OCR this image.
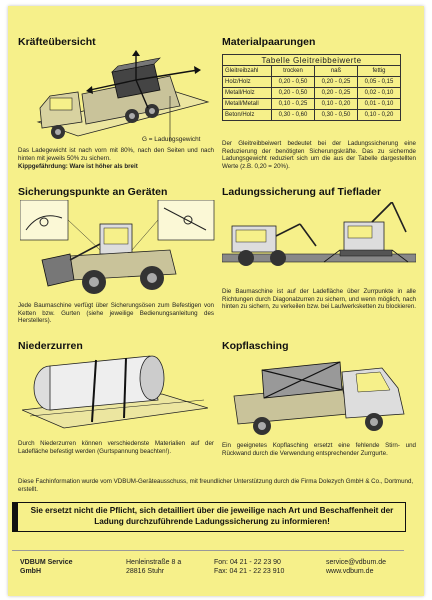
Kräfteübersicht
G = Ladungsgewicht
Das Ladegewicht ist nach vorn mit 80%, nach den Seiten und nach hinten mit jeweils 50% zu sichern.
Kippgefährdung: Ware ist höher als breit
Materialpaarungen
Tabelle Gleitreibbeiwerte			
Gleitreibzahl	trocken	naß	fettig
Holz/Holz	0,20 - 0,50	0,20 - 0,25	0,05 - 0,15
Metall/Holz	0,20 - 0,50	0,20 - 0,25	0,02 - 0,10
Metall/Metall	0,10 - 0,25	0,10 - 0,20	0,01 - 0,10
Beton/Holz	0,30 - 0,60	0,30 - 0,50	0,10 - 0,20
Der Gleitreibbeiwert bedeutet bei der Ladungssicherung eine Reduzierung der benötigten Sicherungskräfte. Das zu sichernde Ladungsgewicht reduziert sich um die aus der Tabelle dargestellten Werte (z.B. 0,20 = 20%).
Sicherungspunkte an Geräten
Jede Baumaschine verfügt über Sicherungsösen zum Befestigen von Ketten bzw. Gurten (siehe jeweilige Bedienungsanleitung des Herstellers).
Ladungssicherung auf Tieflader
Die Baumaschine ist auf der Ladefläche über Zurrpunkte in alle Richtungen durch Diagonalzurren zu sichern, und wenn möglich, nach hinten zu sichern, zu verkeilen bzw. bei Laufwerksketten zu blockieren.
Niederzurren
Durch Niederzurren können verschiedenste Materialien auf der Ladefläche befestigt werden (Gurtspannung beachten!).
Kopflasching
Ein geeignetes Kopflasching ersetzt eine fehlende Stirn- und Rückwand durch die Verwendung entsprechender Zurrgurte.
Diese Fachinformation wurde vom VDBUM-Geräteausschuss, mit freundlicher Unterstützung durch die Firma Dolezych GmbH & Co., Dortmund, erstellt.
Sie ersetzt nicht die Pflicht, sich detailliert über die jeweilige nach Art und Beschaffenheit der Ladung durchzuführende Ladungssicherung zu informieren!
VDBUM Service
GmbH
Henleinstraße 8 a
28816 Stuhr
Fon: 04 21 - 22 23 90
Fax: 04 21 - 22 23 910
service@vdbum.de
www.vdbum.de
